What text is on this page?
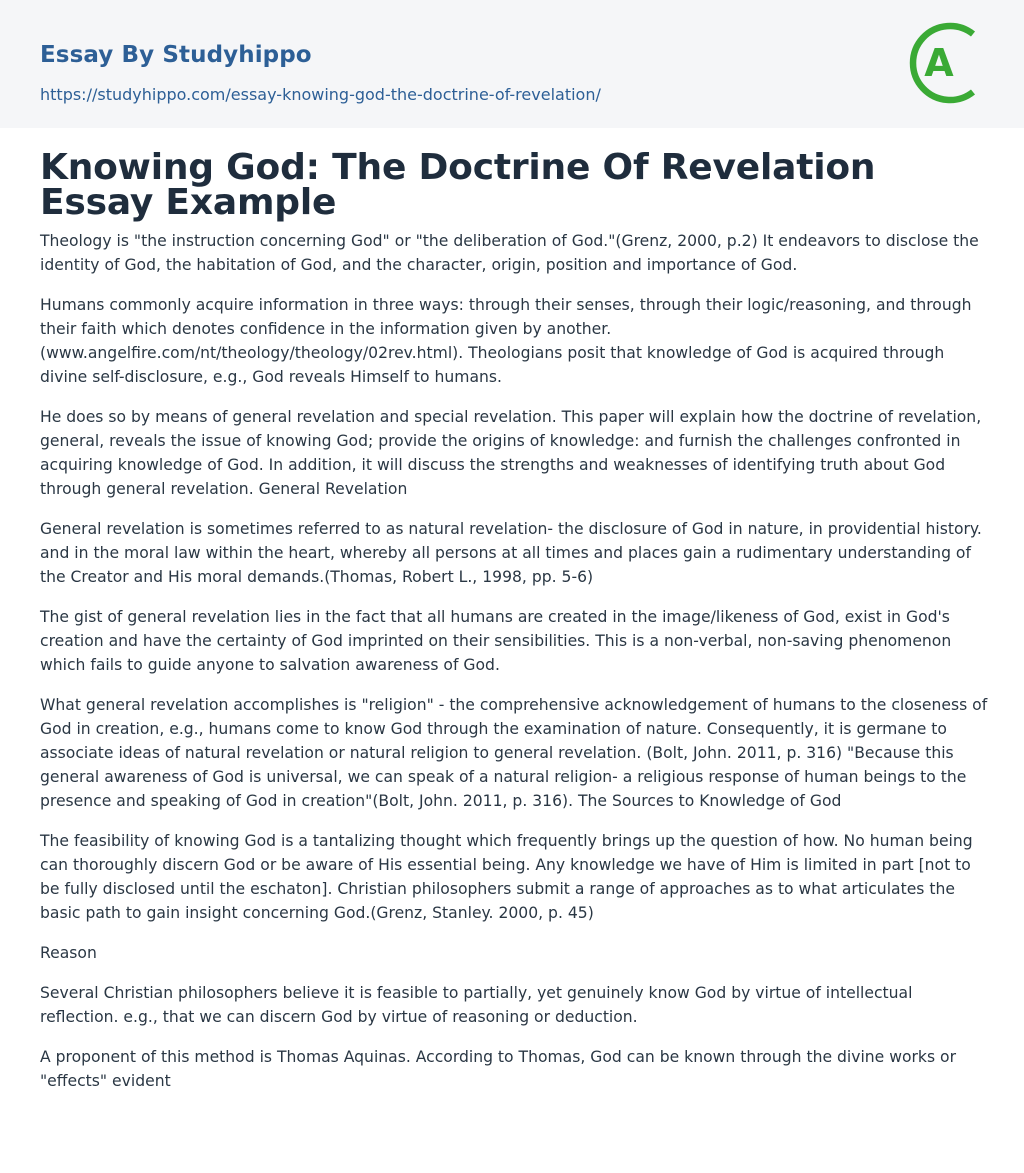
Essay By Studyhippo
https://studyhippo.com/essay-knowing-god-the-doctrine-of-revelation/
A
Knowing God: The Doctrine Of Revelation Essay Example

Theology is "the instruction concerning God" or "the deliberation of God."(Grenz, 2000, p.2) It endeavors to disclose the identity of God, the habitation of God, and the character, origin, position and importance of God.

Humans commonly acquire information in three ways: through their senses, through their logic/reasoning, and through their faith which denotes confidence in the information given by another. (www.angelfire.com/nt/theology/theology/02rev.html). Theologians posit that knowledge of God is acquired through divine self-disclosure, e.g., God reveals Himself to humans.

He does so by means of general revelation and special revelation. This paper will explain how the doctrine of revelation, general, reveals the issue of knowing God; provide the origins of knowledge: and furnish the challenges confronted in acquiring knowledge of God. In addition, it will discuss the strengths and weaknesses of identifying truth about God through general revelation. General Revelation

General revelation is sometimes referred to as natural revelation- the disclosure of God in nature, in providential history. and in the moral law within the heart, whereby all persons at all times and places gain a rudimentary understanding of the Creator and His moral demands.(Thomas, Robert L., 1998, pp. 5-6)

The gist of general revelation lies in the fact that all humans are created in the image/likeness of God, exist in God's creation and have the certainty of God imprinted on their sensibilities. This is a non-verbal, non-saving phenomenon which fails to guide anyone to salvation awareness of God.

What general revelation accomplishes is "religion" - the comprehensive acknowledgement of humans to the closeness of God in creation, e.g., humans come to know God through the examination of nature. Consequently, it is germane to associate ideas of natural revelation or natural religion to general revelation. (Bolt, John. 2011, p. 316) "Because this general awareness of God is universal, we can speak of a natural religion- a religious response of human beings to the presence and speaking of God in creation"(Bolt, John. 2011, p. 316). The Sources to Knowledge of God

The feasibility of knowing God is a tantalizing thought which frequently brings up the question of how. No human being can thoroughly discern God or be aware of His essential being. Any knowledge we have of Him is limited in part [not to be fully disclosed until the eschaton]. Christian philosophers submit a range of approaches as to what articulates the basic path to gain insight concerning God.(Grenz, Stanley. 2000, p. 45)

Reason

Several Christian philosophers believe it is feasible to partially, yet genuinely know God by virtue of intellectual reflection. e.g., that we can discern God by virtue of reasoning or deduction.

A proponent of this method is Thomas Aquinas. According to Thomas, God can be known through the divine works or "effects" evident
